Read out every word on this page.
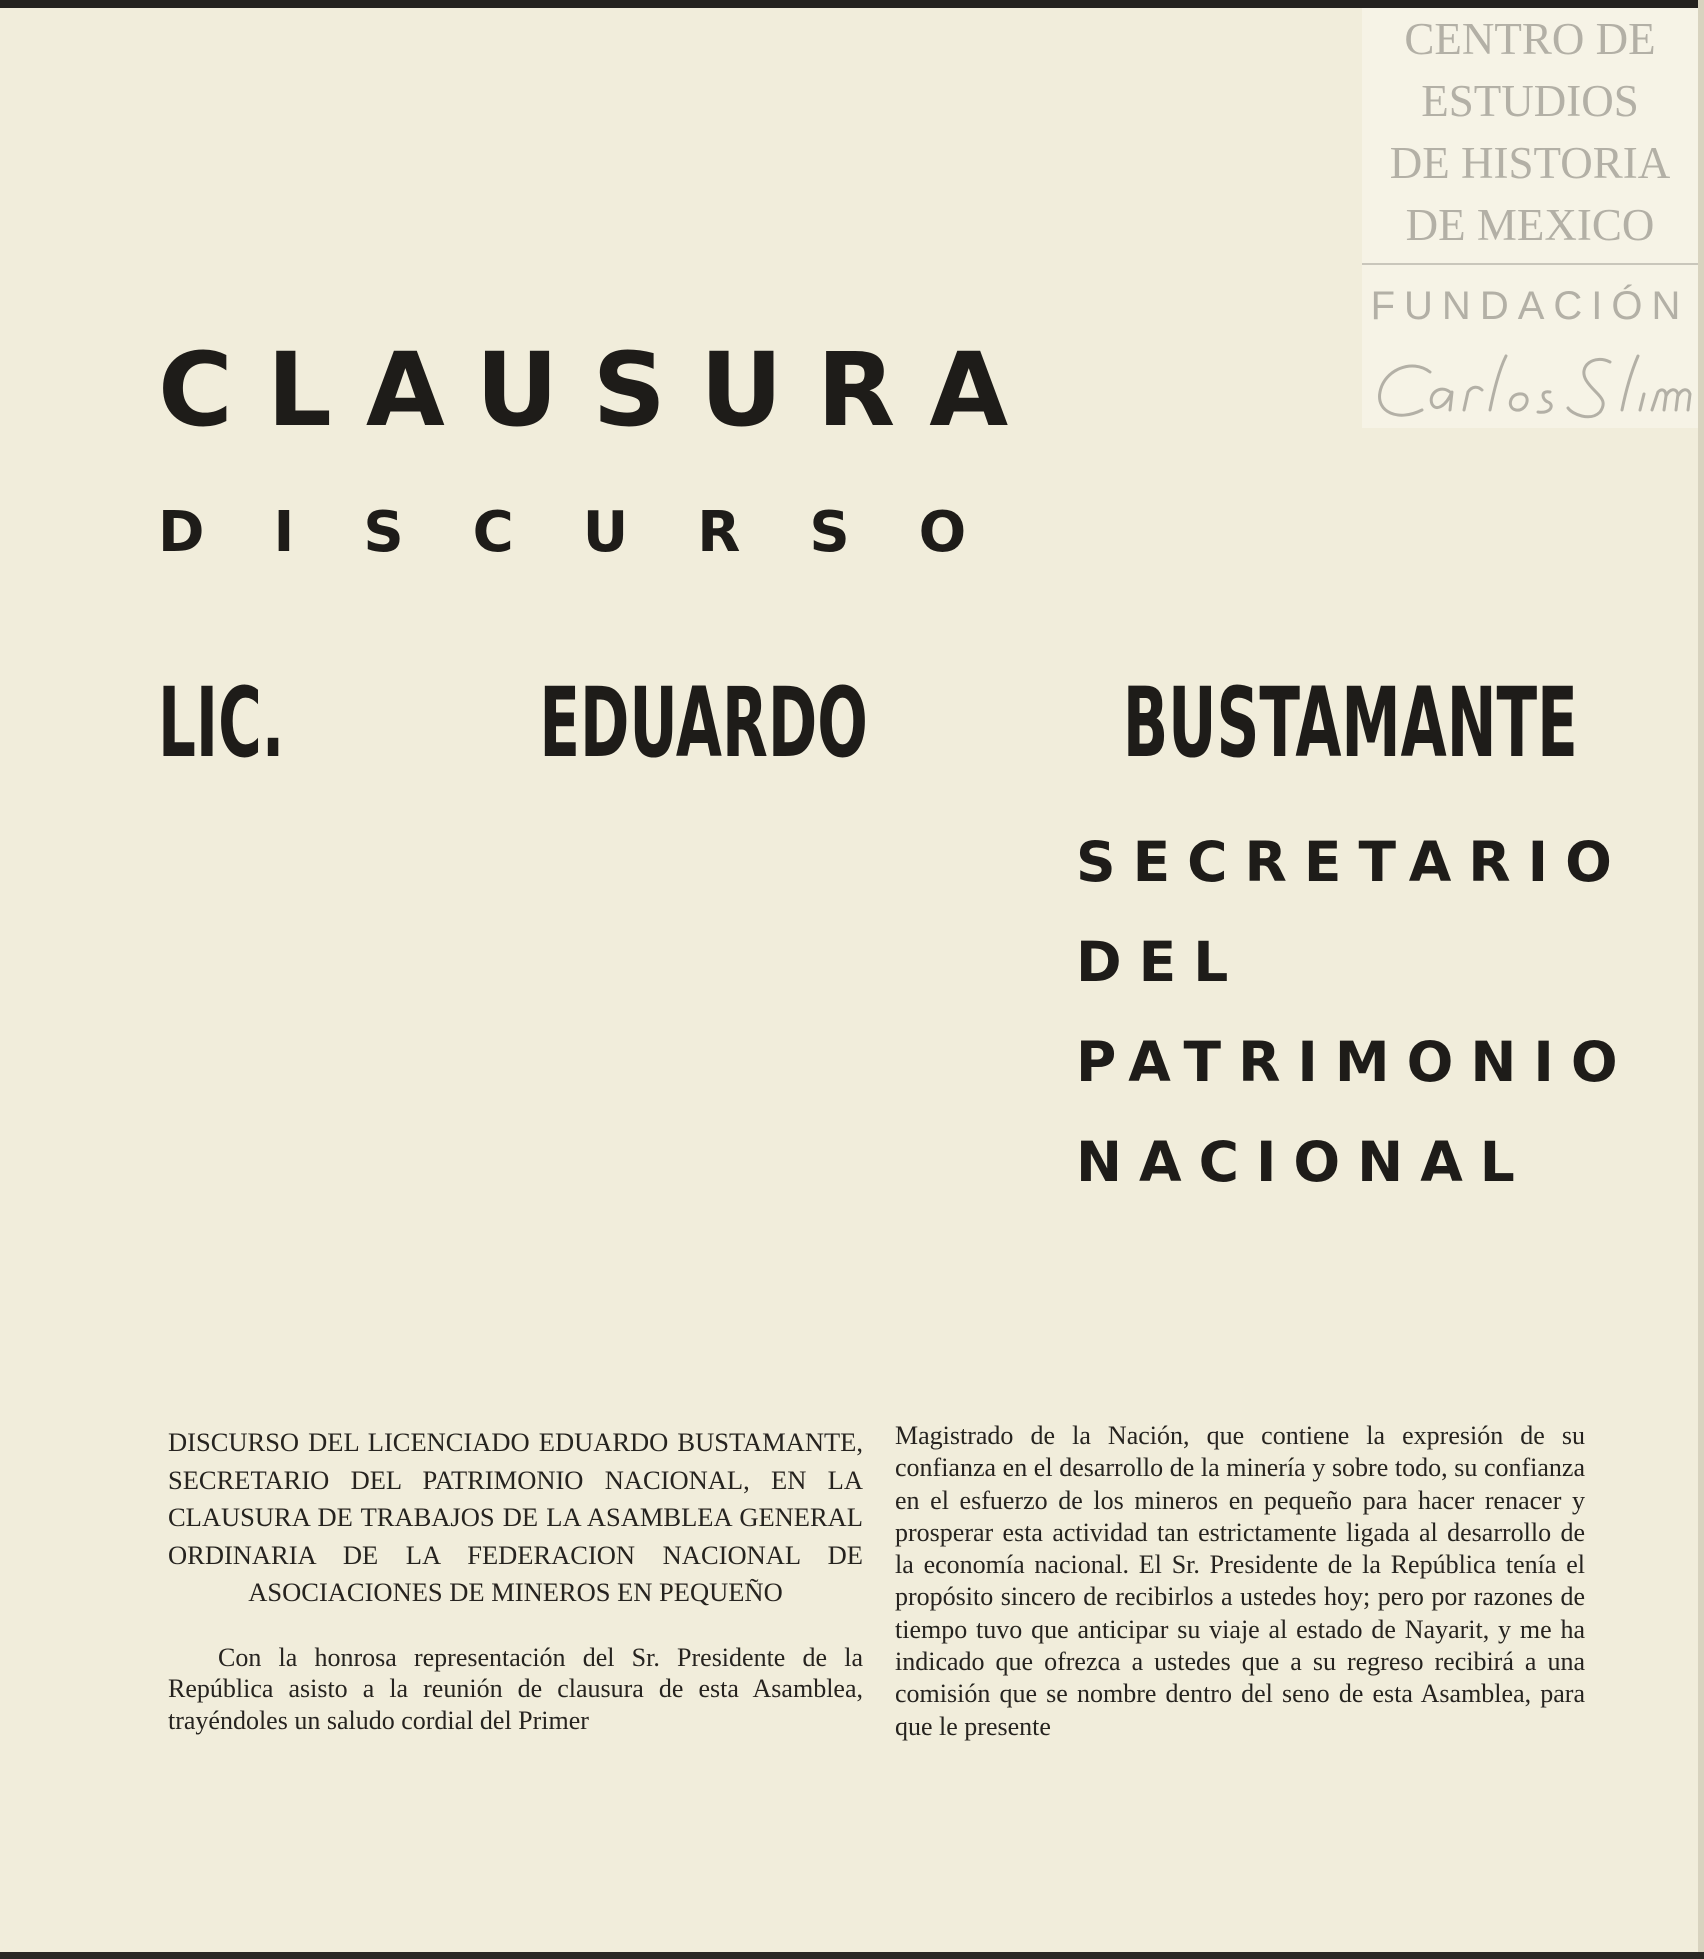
CENTRO DE
ESTUDIOS
DE HISTORIA
DE MEXICO
FUNDACIÓN
CLAUSURA
DISCURSO
LIC.	EDUARDO	BUSTAMANTE
SECRETARIO
DEL
PATRIMONIO
NACIONAL

DISCURSO DEL LICENCIADO EDUARDO BUSTAMANTE, SECRETARIO DEL PATRIMONIO NACIONAL, EN LA CLAUSURA DE TRABAJOS DE LA ASAMBLEA GENERAL ORDINARIA DE LA FEDERACION NACIONAL DE ASOCIACIONES DE MINEROS EN PEQUEÑO

Con la honrosa representación del Sr. Presidente de la República asisto a la reunión de clausura de esta Asamblea, trayéndoles un saludo cordial del Primer

Magistrado de la Nación, que contiene la expresión de su confianza en el desarrollo de la minería y sobre todo, su confianza en el esfuerzo de los mineros en pequeño para hacer renacer y prosperar esta actividad tan estrictamente ligada al desarrollo de la economía nacional. El Sr. Presidente de la República tenía el propósito sincero de recibirlos a ustedes hoy; pero por razones de tiempo tuvo que anticipar su viaje al estado de Nayarit, y me ha indicado que ofrezca a ustedes que a su regreso recibirá a una comisión que se nombre dentro del seno de esta Asamblea, para que le presente
